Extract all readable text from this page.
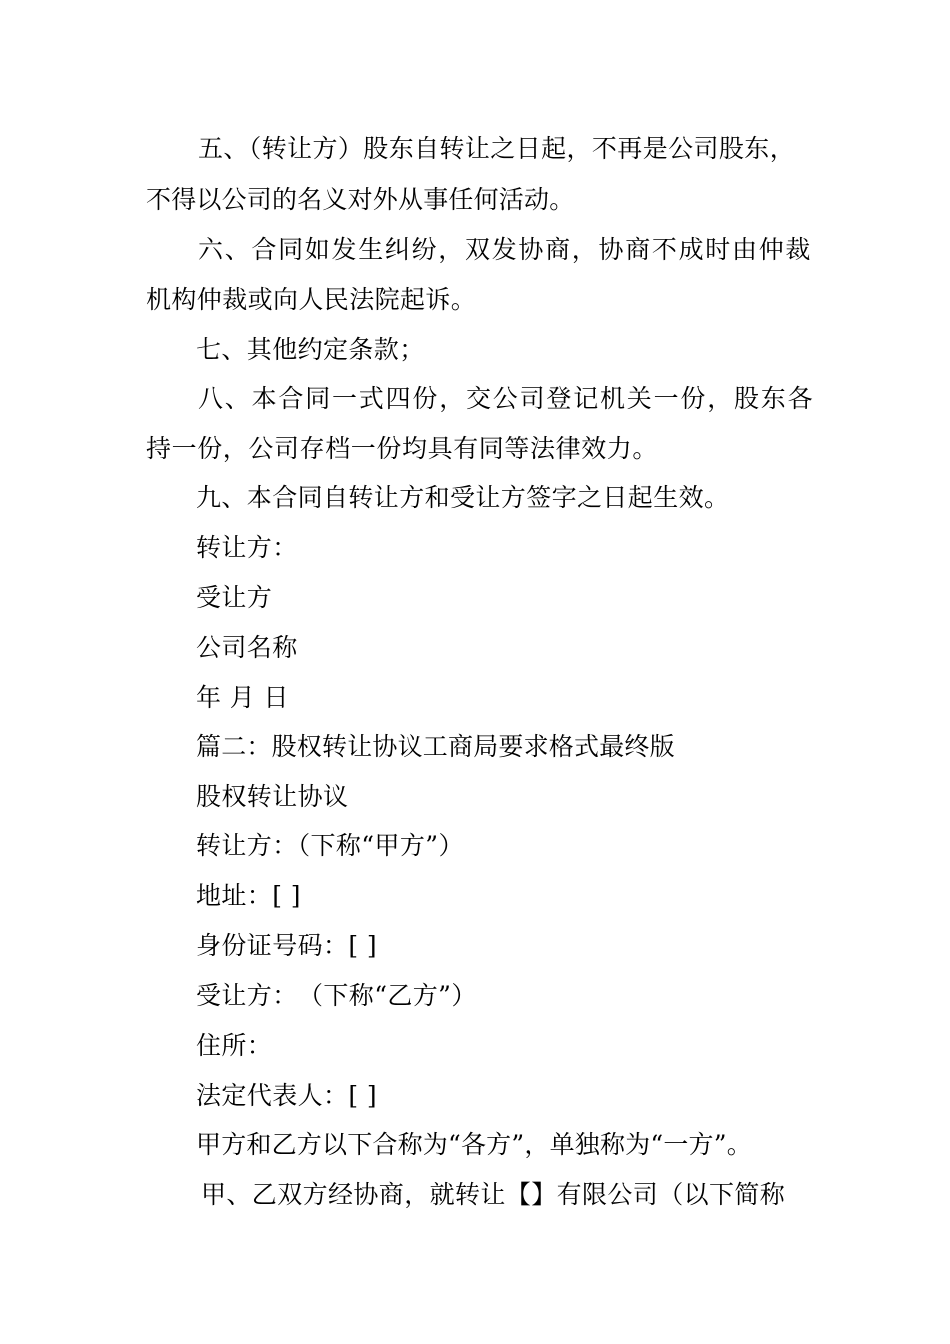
五、（转让方）股东自转让之日起，不再是公司股东，
不得以公司的名义对外从事任何活动。
六、合同如发生纠纷，双发协商，协商不成时由仲裁
机构仲裁或向人民法院起诉。
七、其他约定条款；
八、本合同一式四份，交公司登记机关一份，股东各
持一份，公司存档一份均具有同等法律效力。
九、本合同自转让方和受让方签字之日起生效。
转让方：
受让方
公司名称
年 月 日
篇二：股权转让协议工商局要求格式最终版
股权转让协议
转让方：（下称“甲方”）
地址：[ ]
身份证号码：[ ]
受让方：　（下称“乙方”）
住所：
法定代表人：[ ]
甲方和乙方以下合称为“各方”，单独称为“一方”。
甲、乙双方经协商，就转让【】有限公司（以下简称
